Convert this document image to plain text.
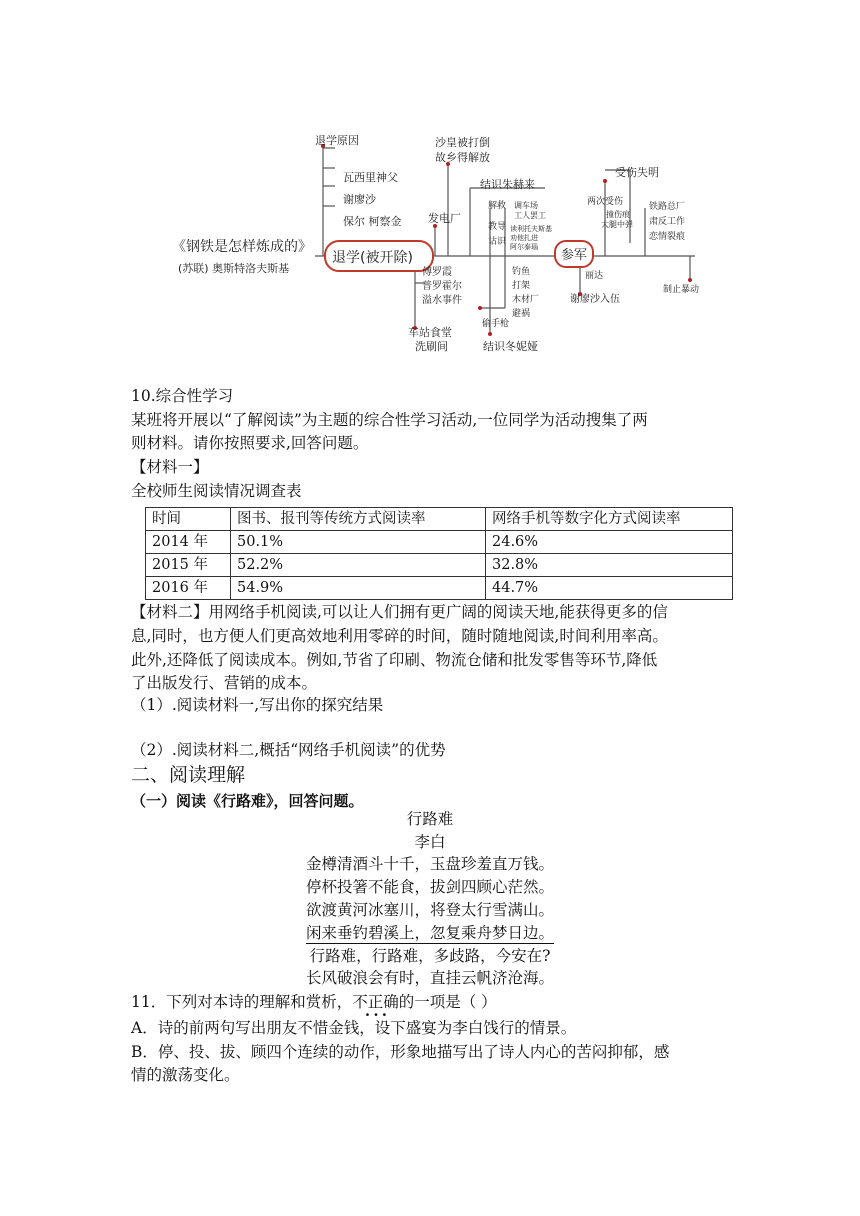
《钢铁是怎样炼成的》
(苏联) 奥斯特洛夫斯基
退学(被开除)	参军
退学原因
瓦西里神父
谢廖沙
保尔 柯察金
沙皇被打倒
故乡得解放
发电厂
结识朱赫来
解救
教导
诂识
调车场
工人罢工
读利托夫斯基
劝他扎进
阿尔泰瑙
受伤失明
两次受伤
撞伤痕
大腿中弹
铁路总厂
肃反工作
恋情裂痕
傅罗霞
普罗霍尔
溢水事件
车站食堂
洗刷间
钓鱼
打架
木材厂
避祸
偷手枪
结识冬妮娅
丽达
谢廖沙入伍
制止暴动
10.综合性学习
某班将开展以“了解阅读”为主题的综合性学习活动,一位同学为活动搜集了两
则材料。请你按照要求,回答问题。
【材料一】
全校师生阅读情况调查表
时间	图书、报刊等传统方式阅读率	网络手机等数字化方式阅读率
2014 年	50.1%	24.6%
2015 年	52.2%	32.8%
2016 年	54.9%	44.7%
【材料二】用网络手机阅读,可以让人们拥有更广阔的阅读天地,能获得更多的信
息,同时，也方便人们更高效地利用零碎的时间，随时随地阅读,时间利用率高。
此外,还降低了阅读成本。例如,节省了印刷、物流仓储和批发零售等环节,降低
了出版发行、营销的成本。
（1）.阅读材料一,写出你的探究结果
（2）.阅读材料二,概括“网络手机阅读”的优势
二、阅读理解
（一）阅读《行路难》，回答问题。
行路难
李白
金樽清酒斗十千，玉盘珍羞直万钱。
停杯投箸不能食，拔剑四顾心茫然。
欲渡黄河冰塞川，将登太行雪满山。
闲来垂钓碧溪上，忽复乘舟梦日边。
行路难，行路难，多歧路，今安在?
长风破浪会有时，直挂云帆济沧海。
11．下列对本诗的理解和赏析，不正确 · · ·的一项是（ ）
A．诗的前两句写出朋友不惜金钱，设下盛宴为李白饯行的情景。
B．停、投、拔、顾四个连续的动作，形象地描写出了诗人内心的苦闷抑郁，感
情的激荡变化。
